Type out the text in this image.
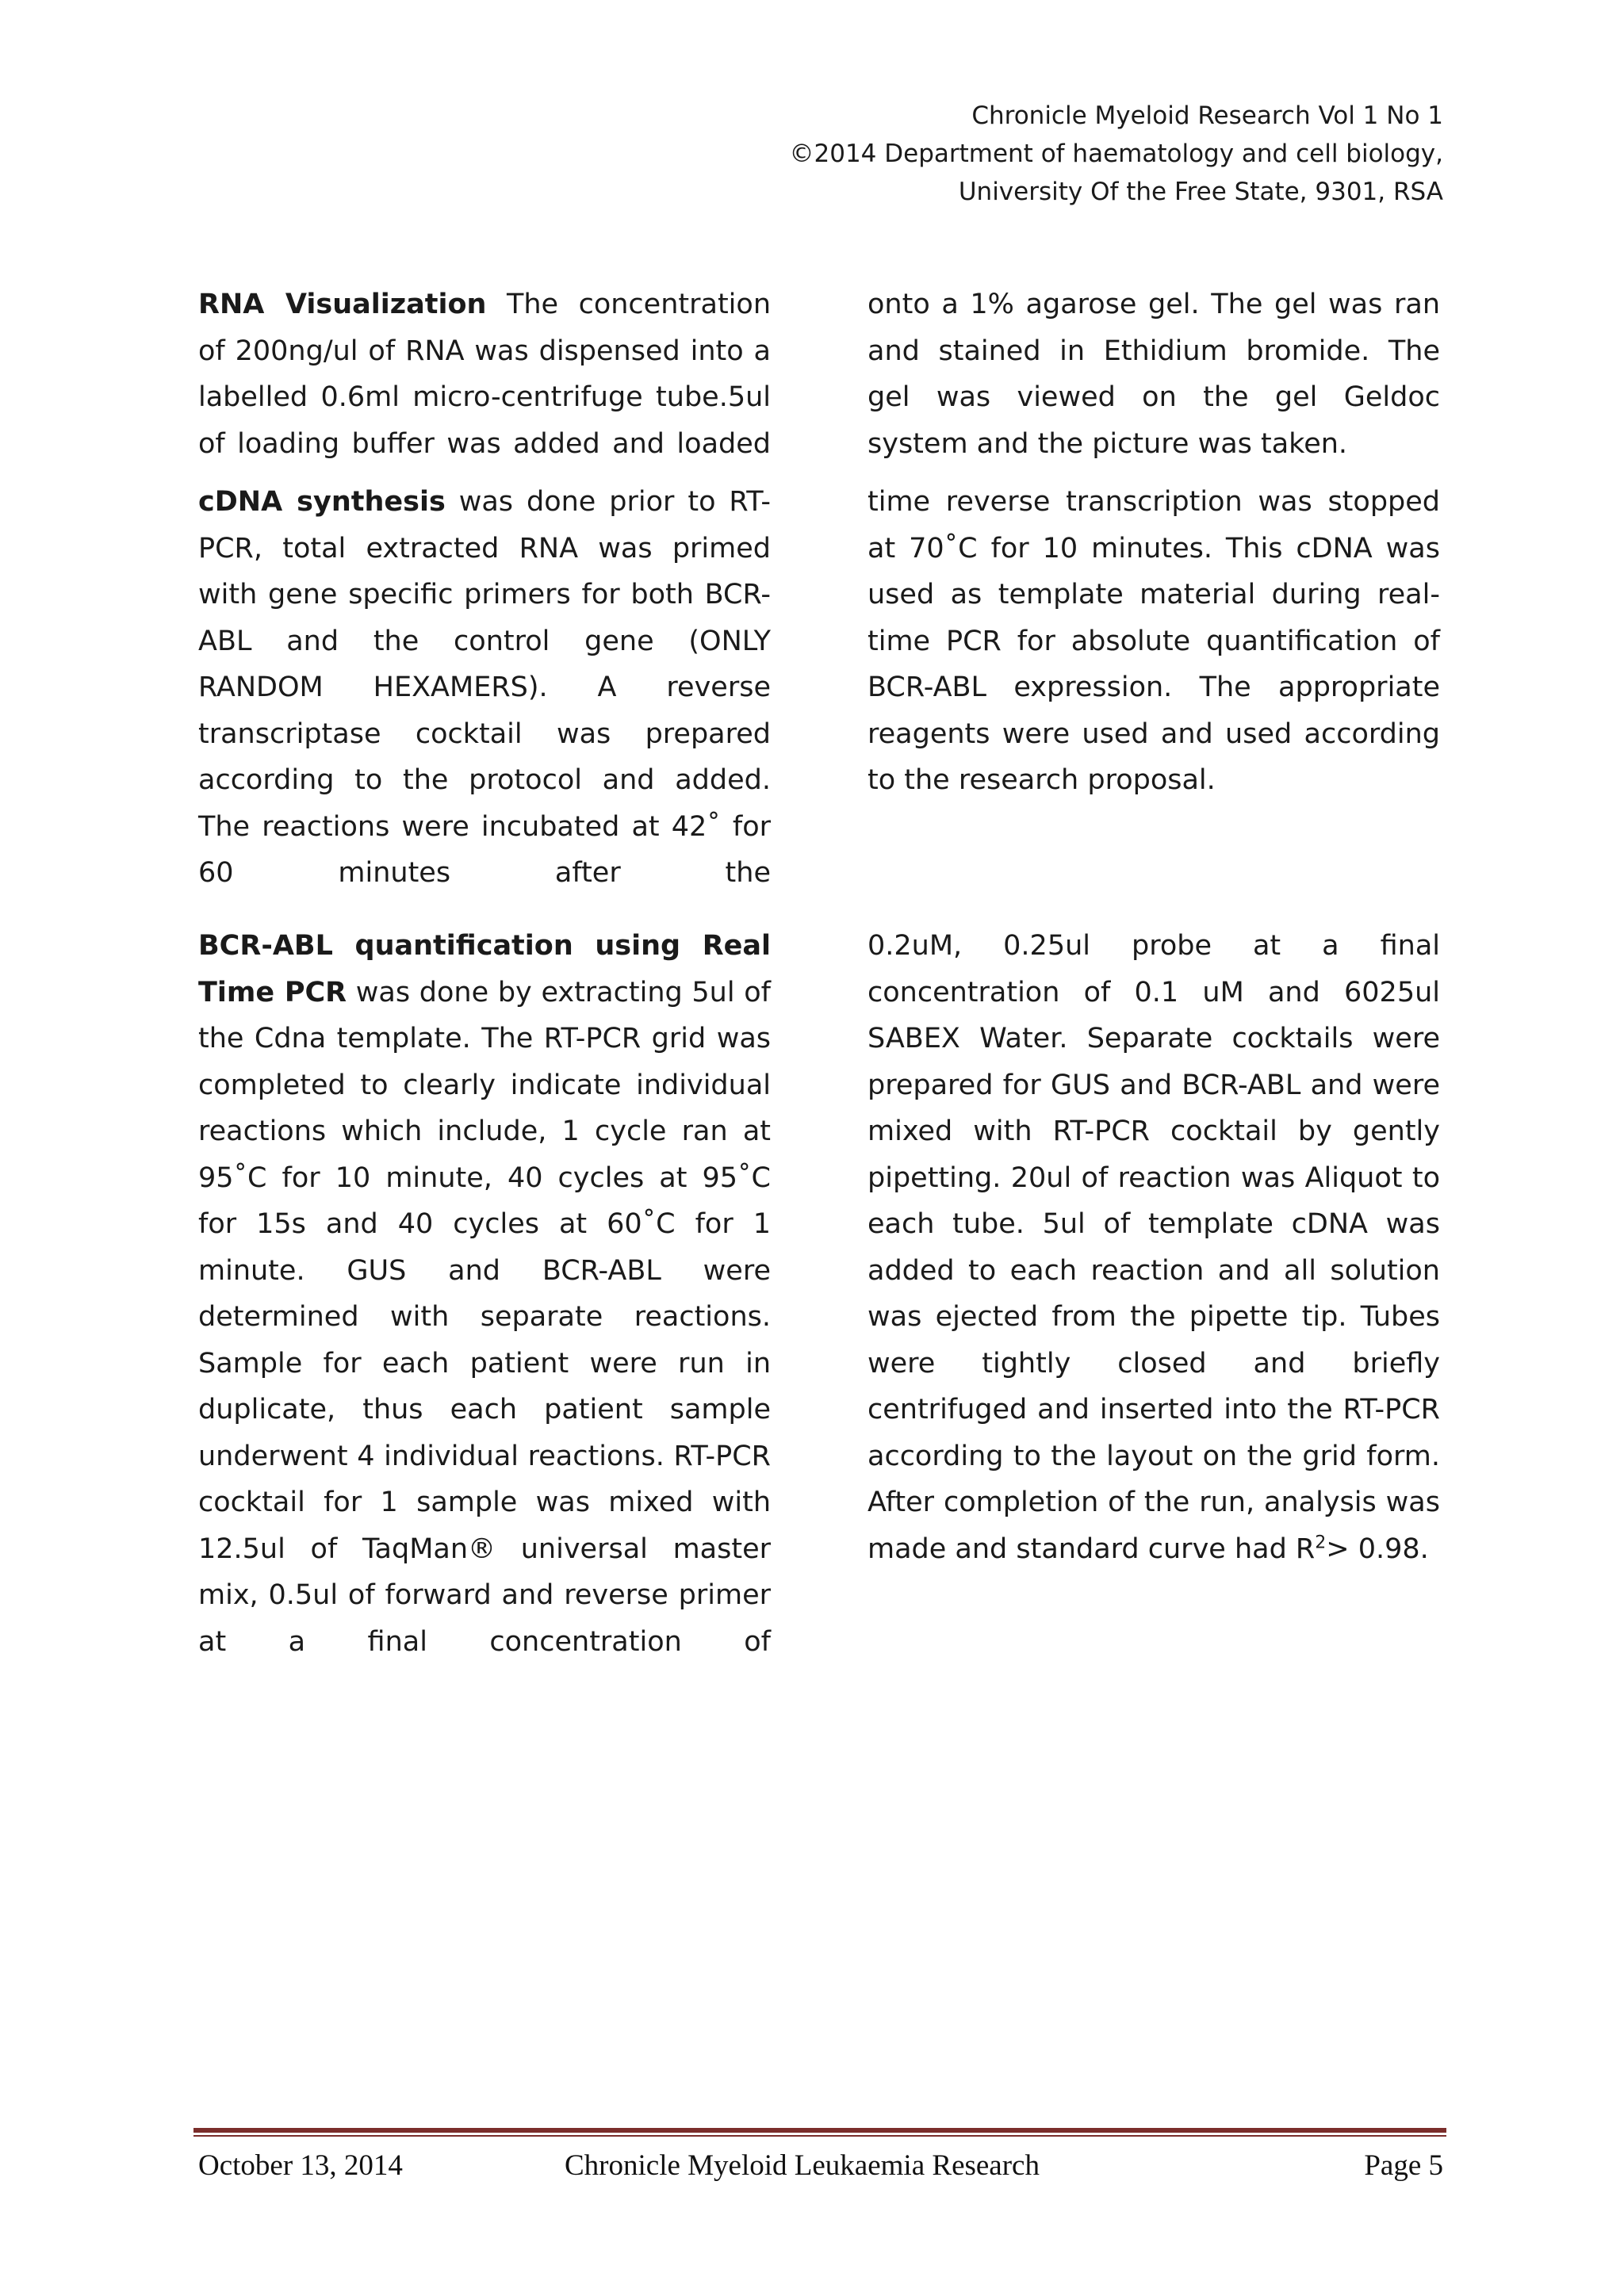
Chronicle Myeloid Research Vol 1 No 1
©2014 Department of haematology and cell biology,
University Of the Free State, 9301, RSA

RNA Visualization The concentration of 200ng/ul of RNA was dispensed into a labelled 0.6ml micro-centrifuge tube.5ul of loading buffer was added and loaded

onto a 1% agarose gel. The gel was ran and stained in Ethidium bromide. The gel was viewed on the gel Geldoc system and the picture was taken.

cDNA synthesis was done prior to RT-PCR, total extracted RNA was primed with gene specific primers for both BCR-ABL and the control gene (ONLY RANDOM HEXAMERS). A reverse transcriptase cocktail was prepared according to the protocol and added. The reactions were incubated at 42˚ for 60 minutes after the

time reverse transcription was stopped at 70˚C for 10 minutes. This cDNA was used as template material during real-time PCR for absolute quantification of BCR-ABL expression. The appropriate reagents were used and used according to the research proposal.

BCR-ABL quantification using Real Time PCR was done by extracting 5ul of the Cdna template. The RT-PCR grid was completed to clearly indicate individual reactions which include, 1 cycle ran at 95˚C for 10 minute, 40 cycles at 95˚C for 15s and 40 cycles at 60˚C for 1 minute. GUS and BCR-ABL were determined with separate reactions. Sample for each patient were run in duplicate, thus each patient sample underwent 4 individual reactions. RT-PCR cocktail for 1 sample was mixed with 12.5ul of TaqMan® universal master mix, 0.5ul of forward and reverse primer at a final concentration of

0.2uM, 0.25ul probe at a final concentration of 0.1 uM and 6025ul SABEX Water. Separate cocktails were prepared for GUS and BCR-ABL and were mixed with RT-PCR cocktail by gently pipetting. 20ul of reaction was Aliquot to each tube. 5ul of template cDNA was added to each reaction and all solution was ejected from the pipette tip. Tubes were tightly closed and briefly centrifuged and inserted into the RT-PCR according to the layout on the grid form. After completion of the run, analysis was made and standard curve had $R^2> 0.98$.

October 13, 2014	Chronicle Myeloid Leukaemia Research	Page 5
